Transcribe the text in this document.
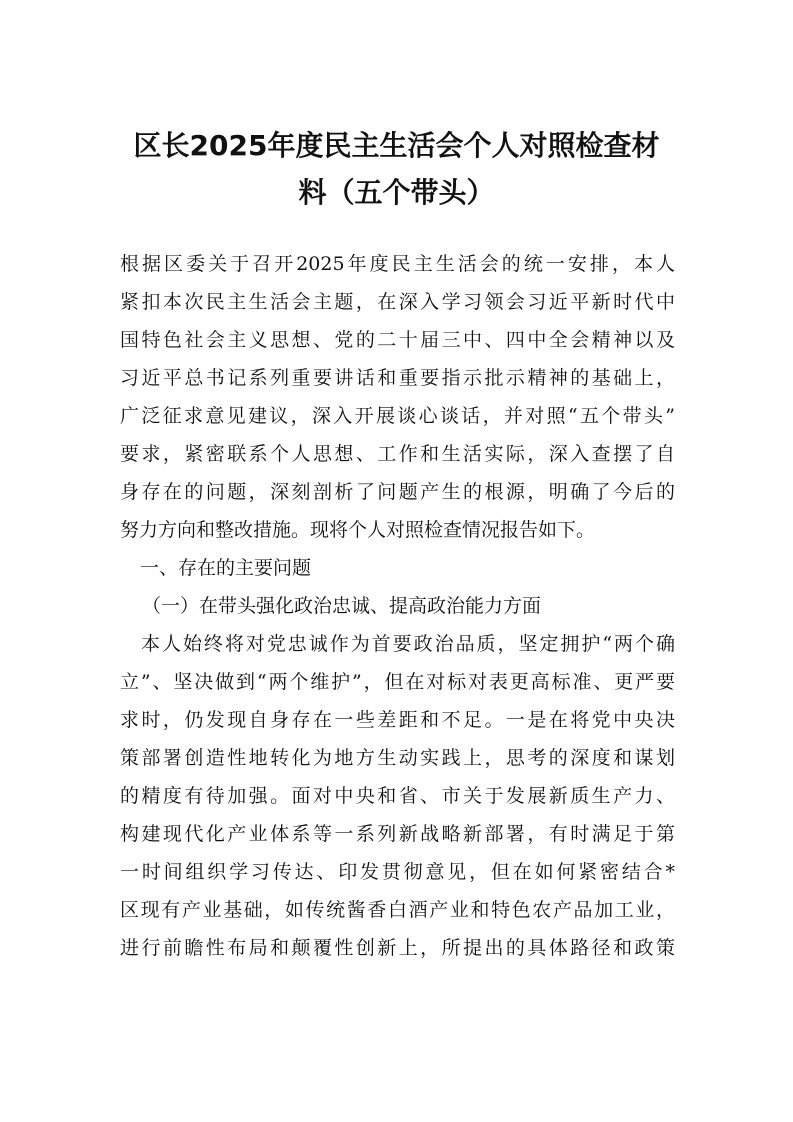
区长2025年度民主生活会个人对照检查材
料（五个带头）
根据区委关于召开2025年度民主生活会的统一安排，本人
紧扣本次民主生活会主题，在深入学习领会习近平新时代中
国特色社会主义思想、党的二十届三中、四中全会精神以及
习近平总书记系列重要讲话和重要指示批示精神的基础上，
广泛征求意见建议，深入开展谈心谈话，并对照“五个带头”
要求，紧密联系个人思想、工作和生活实际，深入查摆了自
身存在的问题，深刻剖析了问题产生的根源，明确了今后的
努力方向和整改措施。现将个人对照检查情况报告如下。
一、存在的主要问题
（一）在带头强化政治忠诚、提高政治能力方面
本人始终将对党忠诚作为首要政治品质，坚定拥护“两个确
立”、坚决做到“两个维护”，但在对标对表更高标准、更严要
求时，仍发现自身存在一些差距和不足。一是在将党中央决
策部署创造性地转化为地方生动实践上，思考的深度和谋划
的精度有待加强。面对中央和省、市关于发展新质生产力、
构建现代化产业体系等一系列新战略新部署，有时满足于第
一时间组织学习传达、印发贯彻意见，但在如何紧密结合*
区现有产业基础，如传统酱香白酒产业和特色农产品加工业，
进行前瞻性布局和颠覆性创新上，所提出的具体路径和政策
